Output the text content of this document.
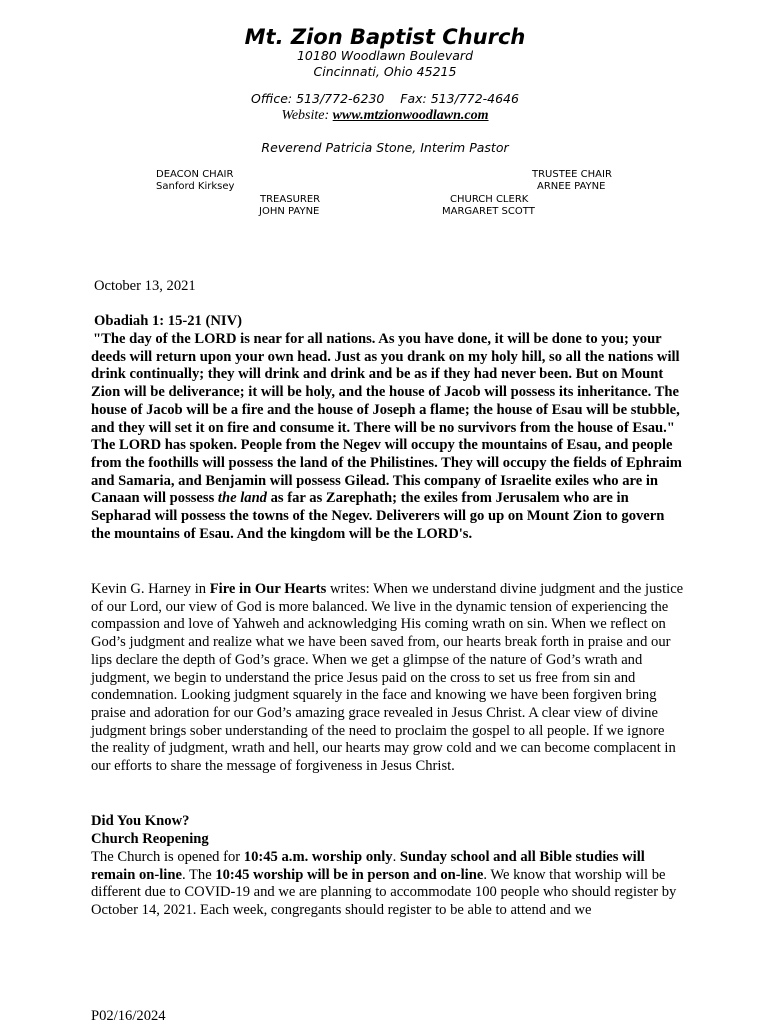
Mt. Zion Baptist Church
10180 Woodlawn Boulevard
Cincinnati, Ohio 45215
Office: 513/772-6230 Fax: 513/772-4646
Website: www.mtzionwoodlawn.com
Reverend Patricia Stone, Interim Pastor
DEACON CHAIR
Sanford Kirksey
TRUSTEE CHAIR
ARNEE PAYNE
TREASURER
JOHN PAYNE
CHURCH CLERK
MARGARET SCOTT
October 13, 2021
Obadiah 1: 15-21 (NIV)
"The day of the LORD is near for all nations. As you have done, it will be done to you; your deeds will return upon your own head. Just as you drank on my holy hill, so all the nations will drink continually; they will drink and drink and be as if they had never been. But on Mount Zion will be deliverance; it will be holy, and the house of Jacob will possess its inheritance. The house of Jacob will be a fire and the house of Joseph a flame; the house of Esau will be stubble, and they will set it on fire and consume it. There will be no survivors from the house of Esau." The LORD has spoken. People from the Negev will occupy the mountains of Esau, and people from the foothills will possess the land of the Philistines. They will occupy the fields of Ephraim and Samaria, and Benjamin will possess Gilead. This company of Israelite exiles who are in Canaan will possess the land as far as Zarephath; the exiles from Jerusalem who are in Sepharad will possess the towns of the Negev. Deliverers will go up on Mount Zion to govern the mountains of Esau. And the kingdom will be the LORD's.
Kevin G. Harney in Fire in Our Hearts writes: When we understand divine judgment and the justice of our Lord, our view of God is more balanced. We live in the dynamic tension of experiencing the compassion and love of Yahweh and acknowledging His coming wrath on sin. When we reflect on God’s judgment and realize what we have been saved from, our hearts break forth in praise and our lips declare the depth of God’s grace. When we get a glimpse of the nature of God’s wrath and judgment, we begin to understand the price Jesus paid on the cross to set us free from sin and condemnation. Looking judgment squarely in the face and knowing we have been forgiven bring praise and adoration for our God’s amazing grace revealed in Jesus Christ. A clear view of divine judgment brings sober understanding of the need to proclaim the gospel to all people. If we ignore the reality of judgment, wrath and hell, our hearts may grow cold and we can become complacent in our efforts to share the message of forgiveness in Jesus Christ.
Did You Know?
Church Reopening
The Church is opened for 10:45 a.m. worship only. Sunday school and all Bible studies will remain on-line. The 10:45 worship will be in person and on-line. We know that worship will be different due to COVID-19 and we are planning to accommodate 100 people who should register by October 14, 2021. Each week, congregants should register to be able to attend and we
P02/16/2024
